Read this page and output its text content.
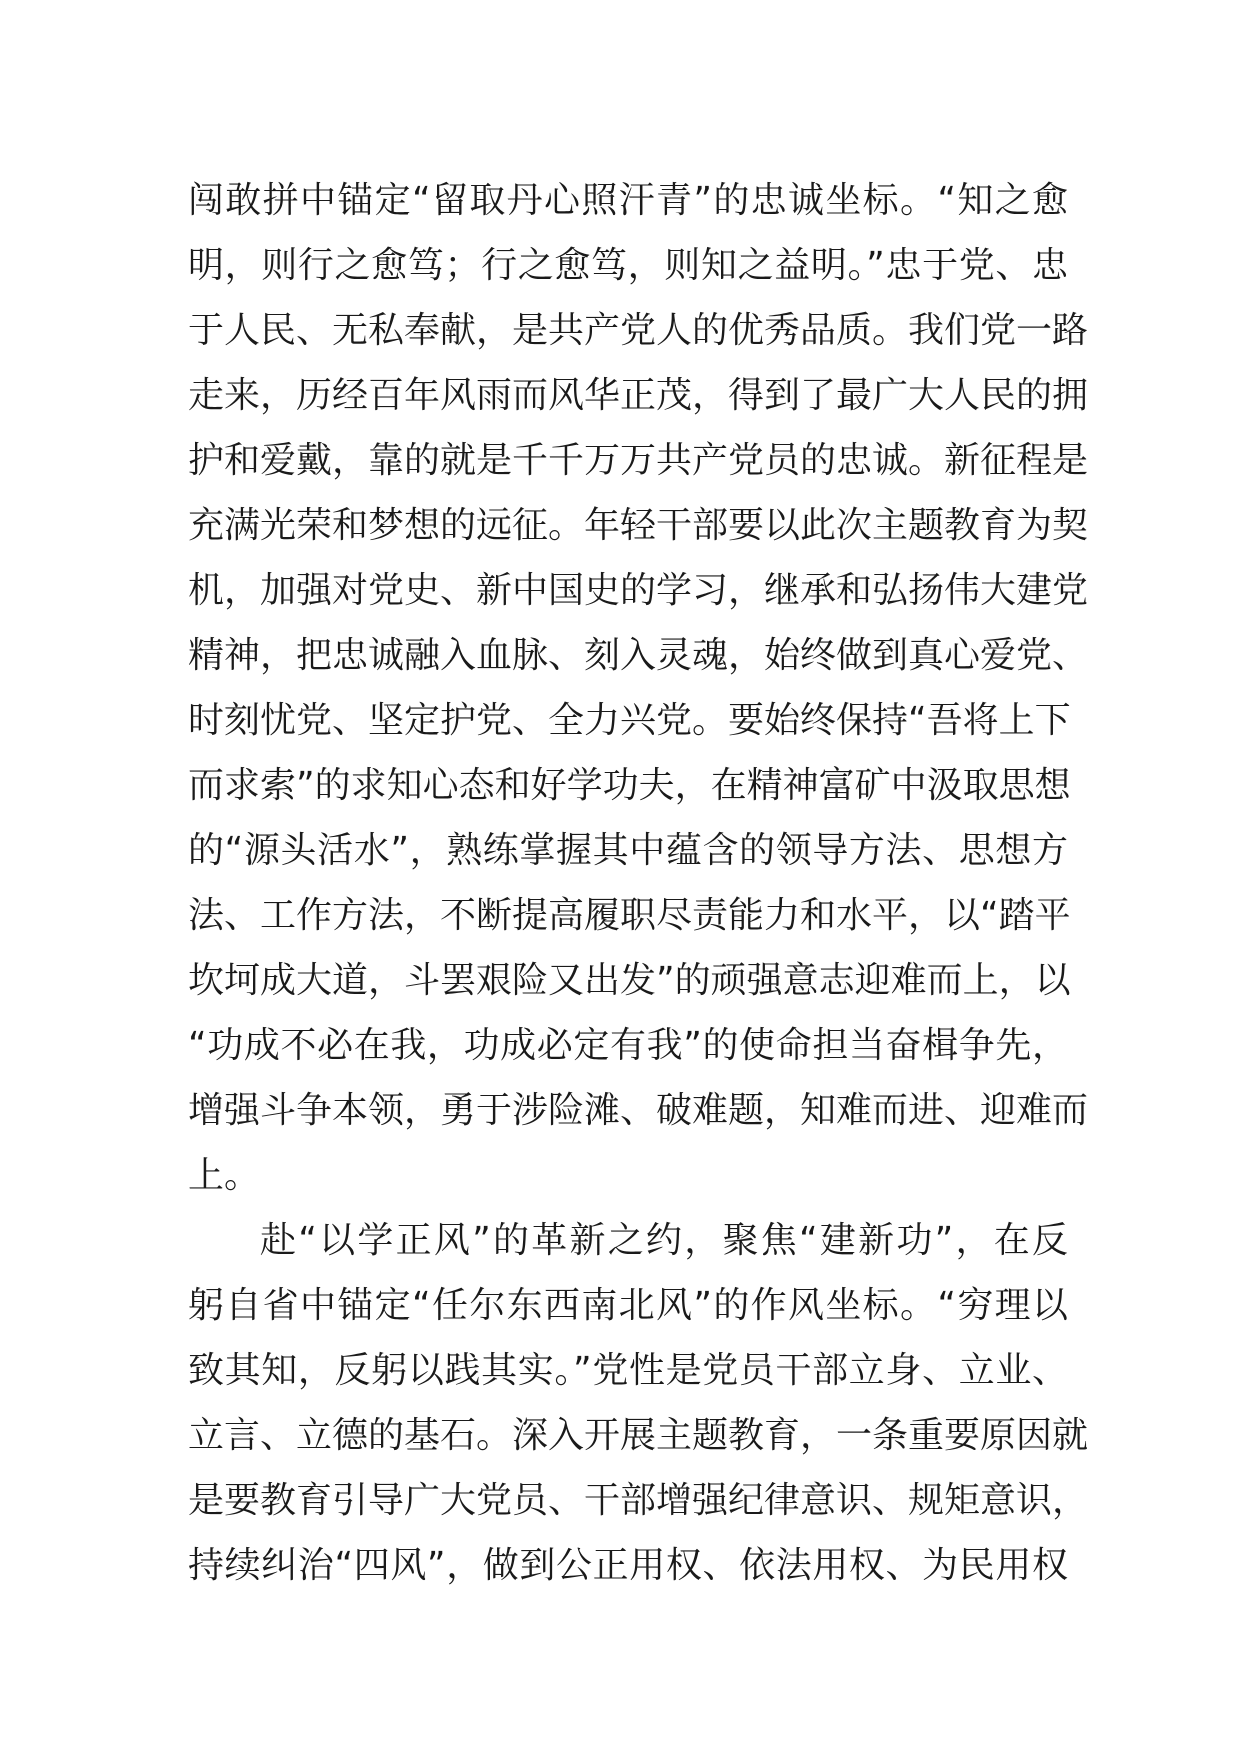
闯敢拼中锚定“留取丹心照汗青”的忠诚坐标。“知之愈
明，则行之愈笃；行之愈笃，则知之益明。”忠于党、忠
于人民、无私奉献，是共产党人的优秀品质。我们党一路
走来，历经百年风雨而风华正茂，得到了最广大人民的拥
护和爱戴，靠的就是千千万万共产党员的忠诚。新征程是
充满光荣和梦想的远征。年轻干部要以此次主题教育为契
机，加强对党史、新中国史的学习，继承和弘扬伟大建党
精神，把忠诚融入血脉、刻入灵魂，始终做到真心爱党、
时刻忧党、坚定护党、全力兴党。要始终保持“吾将上下
而求索”的求知心态和好学功夫，在精神富矿中汲取思想
的“源头活水”，熟练掌握其中蕴含的领导方法、思想方
法、工作方法，不断提高履职尽责能力和水平，以“踏平
坎坷成大道，斗罢艰险又出发”的顽强意志迎难而上，以
“功成不必在我，功成必定有我”的使命担当奋楫争先，
增强斗争本领，勇于涉险滩、破难题，知难而进、迎难而
上。
赴“以学正风”的革新之约，聚焦“建新功”，在反
躬自省中锚定“任尔东西南北风”的作风坐标。“穷理以
致其知，反躬以践其实。”党性是党员干部立身、立业、
立言、立德的基石。深入开展主题教育，一条重要原因就
是要教育引导广大党员、干部增强纪律意识、规矩意识，
持续纠治“四风”，做到公正用权、依法用权、为民用权
